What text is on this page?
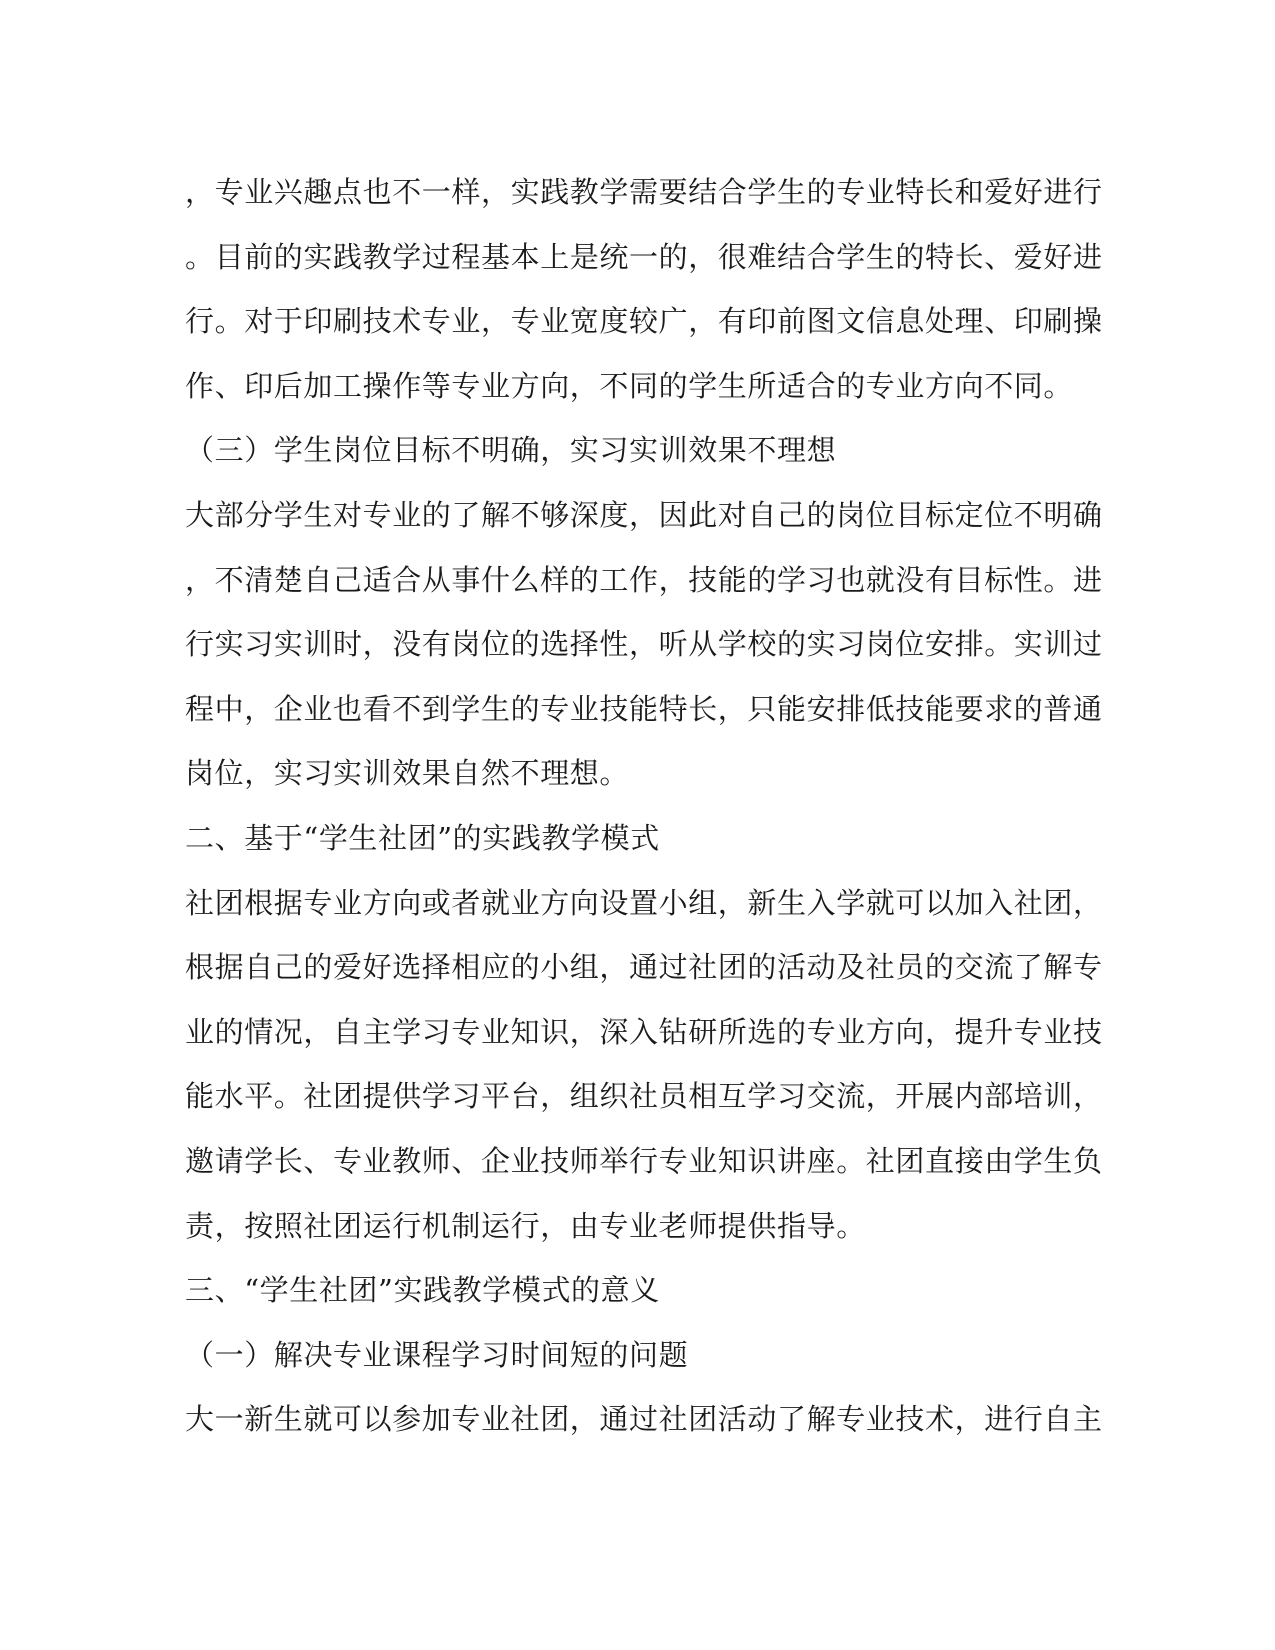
，专业兴趣点也不一样，实践教学需要结合学生的专业特长和爱好进行
。目前的实践教学过程基本上是统一的，很难结合学生的特长、爱好进
行。对于印刷技术专业，专业宽度较广，有印前图文信息处理、印刷操
作、印后加工操作等专业方向，不同的学生所适合的专业方向不同。
（三）学生岗位目标不明确，实习实训效果不理想
大部分学生对专业的了解不够深度，因此对自己的岗位目标定位不明确
，不清楚自己适合从事什么样的工作，技能的学习也就没有目标性。进
行实习实训时，没有岗位的选择性，听从学校的实习岗位安排。实训过
程中，企业也看不到学生的专业技能特长，只能安排低技能要求的普通
岗位，实习实训效果自然不理想。
二、基于“学生社团”的实践教学模式
社团根据专业方向或者就业方向设置小组，新生入学就可以加入社团，
根据自己的爱好选择相应的小组，通过社团的活动及社员的交流了解专
业的情况，自主学习专业知识，深入钻研所选的专业方向，提升专业技
能水平。社团提供学习平台，组织社员相互学习交流，开展内部培训，
邀请学长、专业教师、企业技师举行专业知识讲座。社团直接由学生负
责，按照社团运行机制运行，由专业老师提供指导。
三、“学生社团”实践教学模式的意义
（一）解决专业课程学习时间短的问题
大一新生就可以参加专业社团，通过社团活动了解专业技术，进行自主
